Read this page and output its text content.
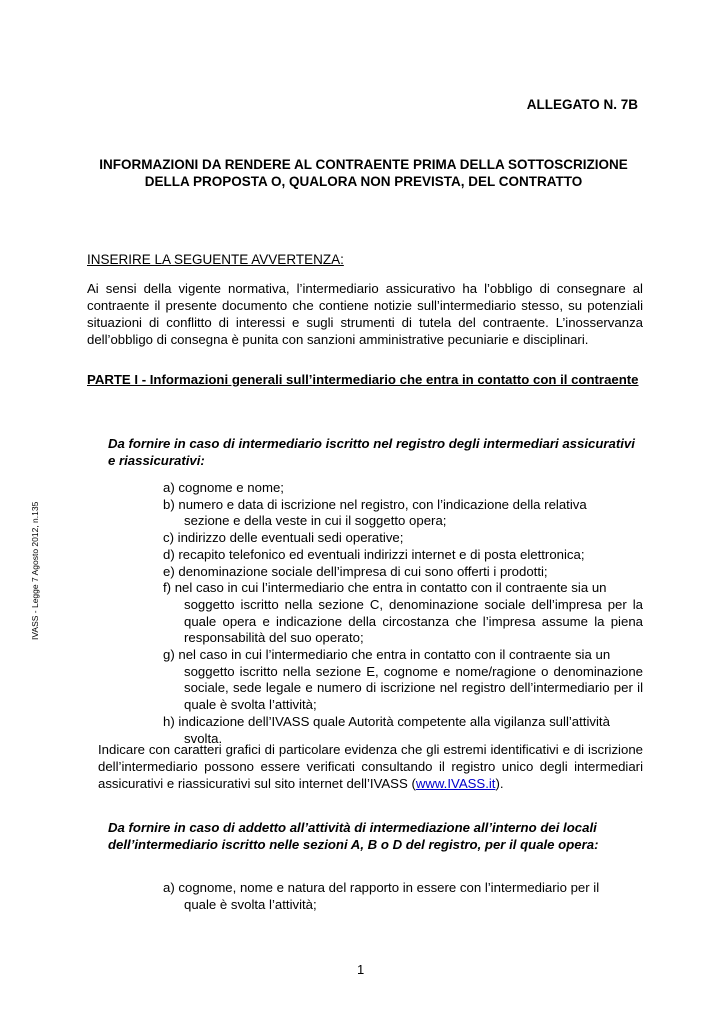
ALLEGATO N. 7B
INFORMAZIONI DA RENDERE AL CONTRAENTE PRIMA DELLA SOTTOSCRIZIONE
DELLA PROPOSTA O, QUALORA NON PREVISTA, DEL CONTRATTO
INSERIRE LA SEGUENTE AVVERTENZA:
Ai sensi della vigente normativa, l’intermediario assicurativo ha l’obbligo di consegnare al contraente il presente documento che contiene notizie sull’intermediario stesso, su potenziali situazioni di conflitto di interessi e sugli strumenti di tutela del contraente. L’inosservanza dell’obbligo di consegna è punita con sanzioni amministrative pecuniarie e disciplinari.
PARTE I - Informazioni generali sull’intermediario che entra in contatto con il contraente
Da fornire in caso di intermediario iscritto nel registro degli intermediari assicurativi e riassicurativi:
a) cognome e nome;
b) numero e data di iscrizione nel registro, con l’indicazione della relativa
sezione e della veste in cui il soggetto opera;
c) indirizzo delle eventuali sedi operative;
d) recapito telefonico ed eventuali indirizzi internet e di posta elettronica;
e) denominazione sociale dell’impresa di cui sono offerti i prodotti;
f) nel caso in cui l’intermediario che entra in contatto con il contraente sia un
soggetto iscritto nella sezione C, denominazione sociale dell’impresa per la quale opera e indicazione della circostanza che l’impresa assume la piena responsabilità del suo operato;
g) nel caso in cui l’intermediario che entra in contatto con il contraente sia un
soggetto iscritto nella sezione E, cognome e nome/ragione o denominazione sociale, sede legale e numero di iscrizione nel registro dell’intermediario per il quale è svolta l’attività;
h) indicazione dell’IVASS quale Autorità competente alla vigilanza sull’attività
svolta.
Indicare con caratteri grafici di particolare evidenza che gli estremi identificativi e di iscrizione dell’intermediario possono essere verificati consultando il registro unico degli intermediari assicurativi e riassicurativi sul sito internet dell’IVASS (www.IVASS.it).
Da fornire in caso di addetto all’attività di intermediazione all’interno dei locali dell’intermediario iscritto nelle sezioni A, B o D del registro, per il quale opera:
a) cognome, nome e natura del rapporto in essere con l’intermediario per il
quale è svolta l’attività;
IVASS - Legge 7 Agosto 2012, n.135
1
